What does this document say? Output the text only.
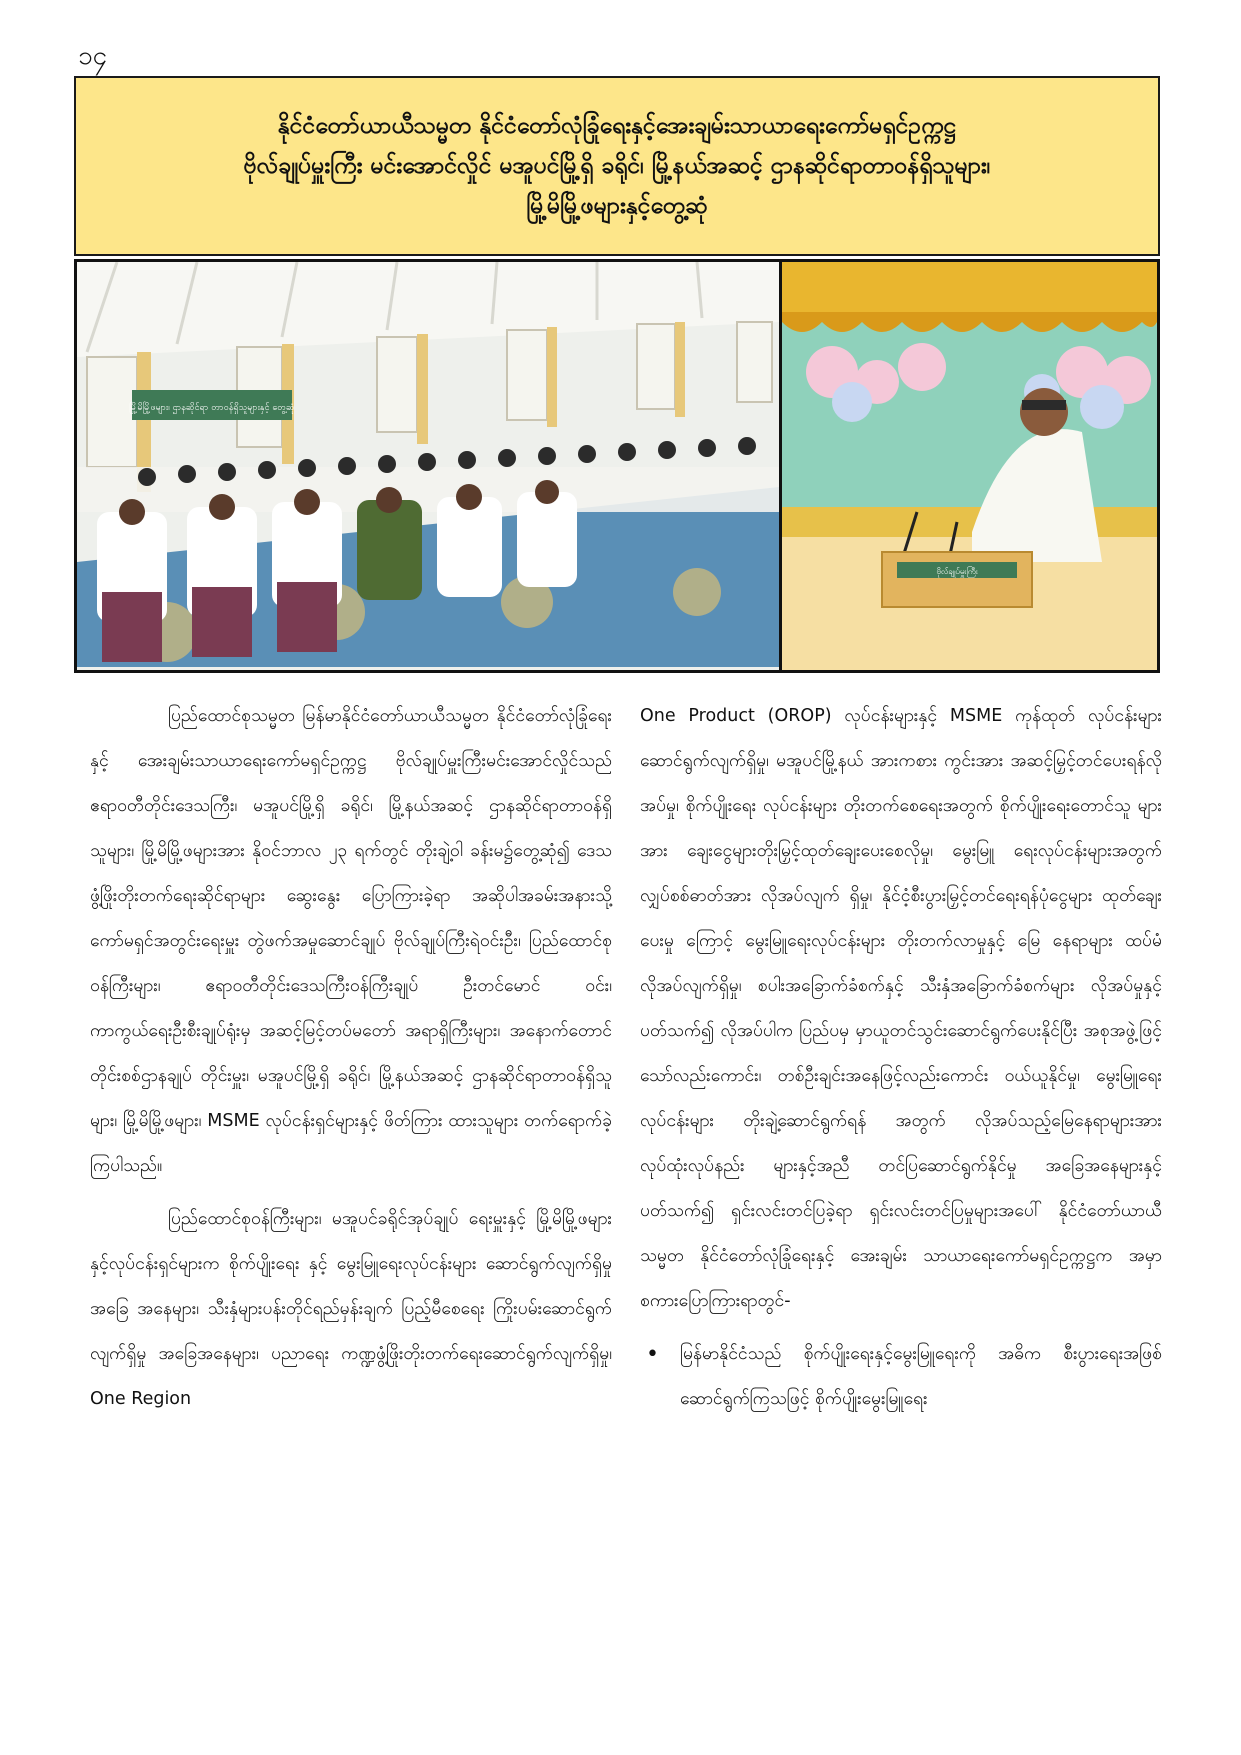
၁၄
နိုင်ငံတော်ယာယီသမ္မတ နိုင်ငံတော်လုံခြုံရေးနှင့်အေးချမ်းသာယာရေးကော်မရှင်ဥက္ကဋ္ဌ
ဗိုလ်ချုပ်မှူးကြီး မင်းအောင်လှိုင် မအူပင်မြို့ရှိ ခရိုင်၊ မြို့နယ်အဆင့် ဌာနဆိုင်ရာတာဝန်ရှိသူများ၊
မြို့မိမြို့ဖများနှင့်တွေ့ဆုံ
မြို့မိမြို့ဖများ၊ ဌာနဆိုင်ရာ တာဝန်ရှိသူများနှင့် တွေ့ဆုံ
ဗိုလ်ချုပ်မှူးကြီး

ပြည်ထောင်စုသမ္မတ မြန်မာနိုင်ငံတော်ယာယီသမ္မတ နိုင်ငံတော်လုံခြုံရေးနှင့် အေးချမ်းသာယာရေးကော်မရှင်ဥက္ကဋ္ဌ ဗိုလ်ချုပ်မှူးကြီးမင်းအောင်လှိုင်သည် ဧရာဝတီတိုင်းဒေသကြီး၊ မအူပင်မြို့ရှိ ခရိုင်၊ မြို့နယ်အဆင့် ဌာနဆိုင်ရာတာဝန်ရှိသူများ၊ မြို့မိမြို့ဖများအား နိုဝင်ဘာလ ၂၃ ရက်တွင် တိုးချဲ့ဝါ ခန်းမ၌တွေ့ဆုံ၍ ဒေသဖွံ့ဖြိုးတိုးတက်ရေးဆိုင်ရာများ ဆွေးနွေး ပြောကြားခဲ့ရာ အဆိုပါအခမ်းအနားသို့ ကော်မရှင်အတွင်းရေးမှူး တွဲဖက်အမှုဆောင်ချုပ် ဗိုလ်ချုပ်ကြီးရဲဝင်းဦး၊ ပြည်ထောင်စု ဝန်ကြီးများ၊ ဧရာဝတီတိုင်းဒေသကြီးဝန်ကြီးချုပ် ဦးတင်မောင် ဝင်း၊ ကာကွယ်ရေးဦးစီးချုပ်ရုံးမှ အဆင့်မြင့်တပ်မတော် အရာရှိကြီးများ၊ အနောက်တောင်တိုင်းစစ်ဌာနချုပ် တိုင်းမှူး၊ မအူပင်မြို့ရှိ ခရိုင်၊ မြို့နယ်အဆင့် ဌာနဆိုင်ရာတာဝန်ရှိသူ များ၊ မြို့မိမြို့ဖများ၊ MSME လုပ်ငန်းရှင်များနှင့် ဖိတ်ကြား ထားသူများ တက်ရောက်ခဲ့ကြပါသည်။

ပြည်ထောင်စုဝန်ကြီးများ၊ မအူပင်ခရိုင်အုပ်ချုပ် ရေးမှူးနှင့် မြို့မိမြို့ဖများနှင့်လုပ်ငန်းရှင်များက စိုက်ပျိုးရေး နှင့် မွေးမြူရေးလုပ်ငန်းများ ဆောင်ရွက်လျက်ရှိမှုအခြေ အနေများ၊ သီးနှံများပန်းတိုင်ရည်မှန်းချက် ပြည့်မီစေရေး ကြိုးပမ်းဆောင်ရွက်လျက်ရှိမှု အခြေအနေများ၊ ပညာရေး ကဏ္ဍဖွံ့ဖြိုးတိုးတက်ရေးဆောင်ရွက်လျက်ရှိမှု၊ One Region

One Product (OROP) လုပ်ငန်းများနှင့် MSME ကုန်ထုတ် လုပ်ငန်းများဆောင်ရွက်လျက်ရှိမှု၊ မအူပင်မြို့နယ် အားကစား ကွင်းအား အဆင့်မြှင့်တင်ပေးရန်လိုအပ်မှု၊ စိုက်ပျိုးရေး လုပ်ငန်းများ တိုးတက်စေရေးအတွက် စိုက်ပျိုးရေးတောင်သူ များအား ချေးငွေများတိုးမြှင့်ထုတ်ချေးပေးစေလိုမှု၊ မွေးမြူ ရေးလုပ်ငန်းများအတွက် လျှပ်စစ်ဓာတ်အား လိုအပ်လျက် ရှိမှု၊ နိုင်ငံ့စီးပွားမြှင့်တင်ရေးရန်ပုံငွေများ ထုတ်ချေးပေးမှု ကြောင့် မွေးမြူရေးလုပ်ငန်းများ တိုးတက်လာမှုနှင့် မြေ နေရာများ ထပ်မံလိုအပ်လျက်ရှိမှု၊ စပါးအခြောက်ခံစက်နှင့် သီးနှံအခြောက်ခံစက်များ လိုအပ်မှုနှင့်ပတ်သက်၍ လိုအပ်ပါက ပြည်ပမှ မှာယူတင်သွင်းဆောင်ရွက်ပေးနိုင်ပြီး အစုအဖွဲ့ဖြင့် သော်လည်းကောင်း၊ တစ်ဦးချင်းအနေဖြင့်လည်းကောင်း ဝယ်ယူနိုင်မှု၊ မွေးမြူရေးလုပ်ငန်းများ တိုးချဲ့ဆောင်ရွက်ရန် အတွက် လိုအပ်သည့်မြေနေရာများအား လုပ်ထုံးလုပ်နည်း များနှင့်အညီ တင်ပြဆောင်ရွက်နိုင်မှု အခြေအနေများနှင့် ပတ်သက်၍ ရှင်းလင်းတင်ပြခဲ့ရာ ရှင်းလင်းတင်ပြမှုများအပေါ် နိုင်ငံတော်ယာယီသမ္မတ နိုင်ငံတော်လုံခြုံရေးနှင့် အေးချမ်း သာယာရေးကော်မရှင်ဥက္ကဋ္ဌက အမှာစကားပြောကြားရာတွင်-

• မြန်မာနိုင်ငံသည် စိုက်ပျိုးရေးနှင့်မွေးမြူရေးကို အဓိက စီးပွားရေးအဖြစ် ဆောင်ရွက်ကြသဖြင့် စိုက်ပျိုးမွေးမြူရေး
